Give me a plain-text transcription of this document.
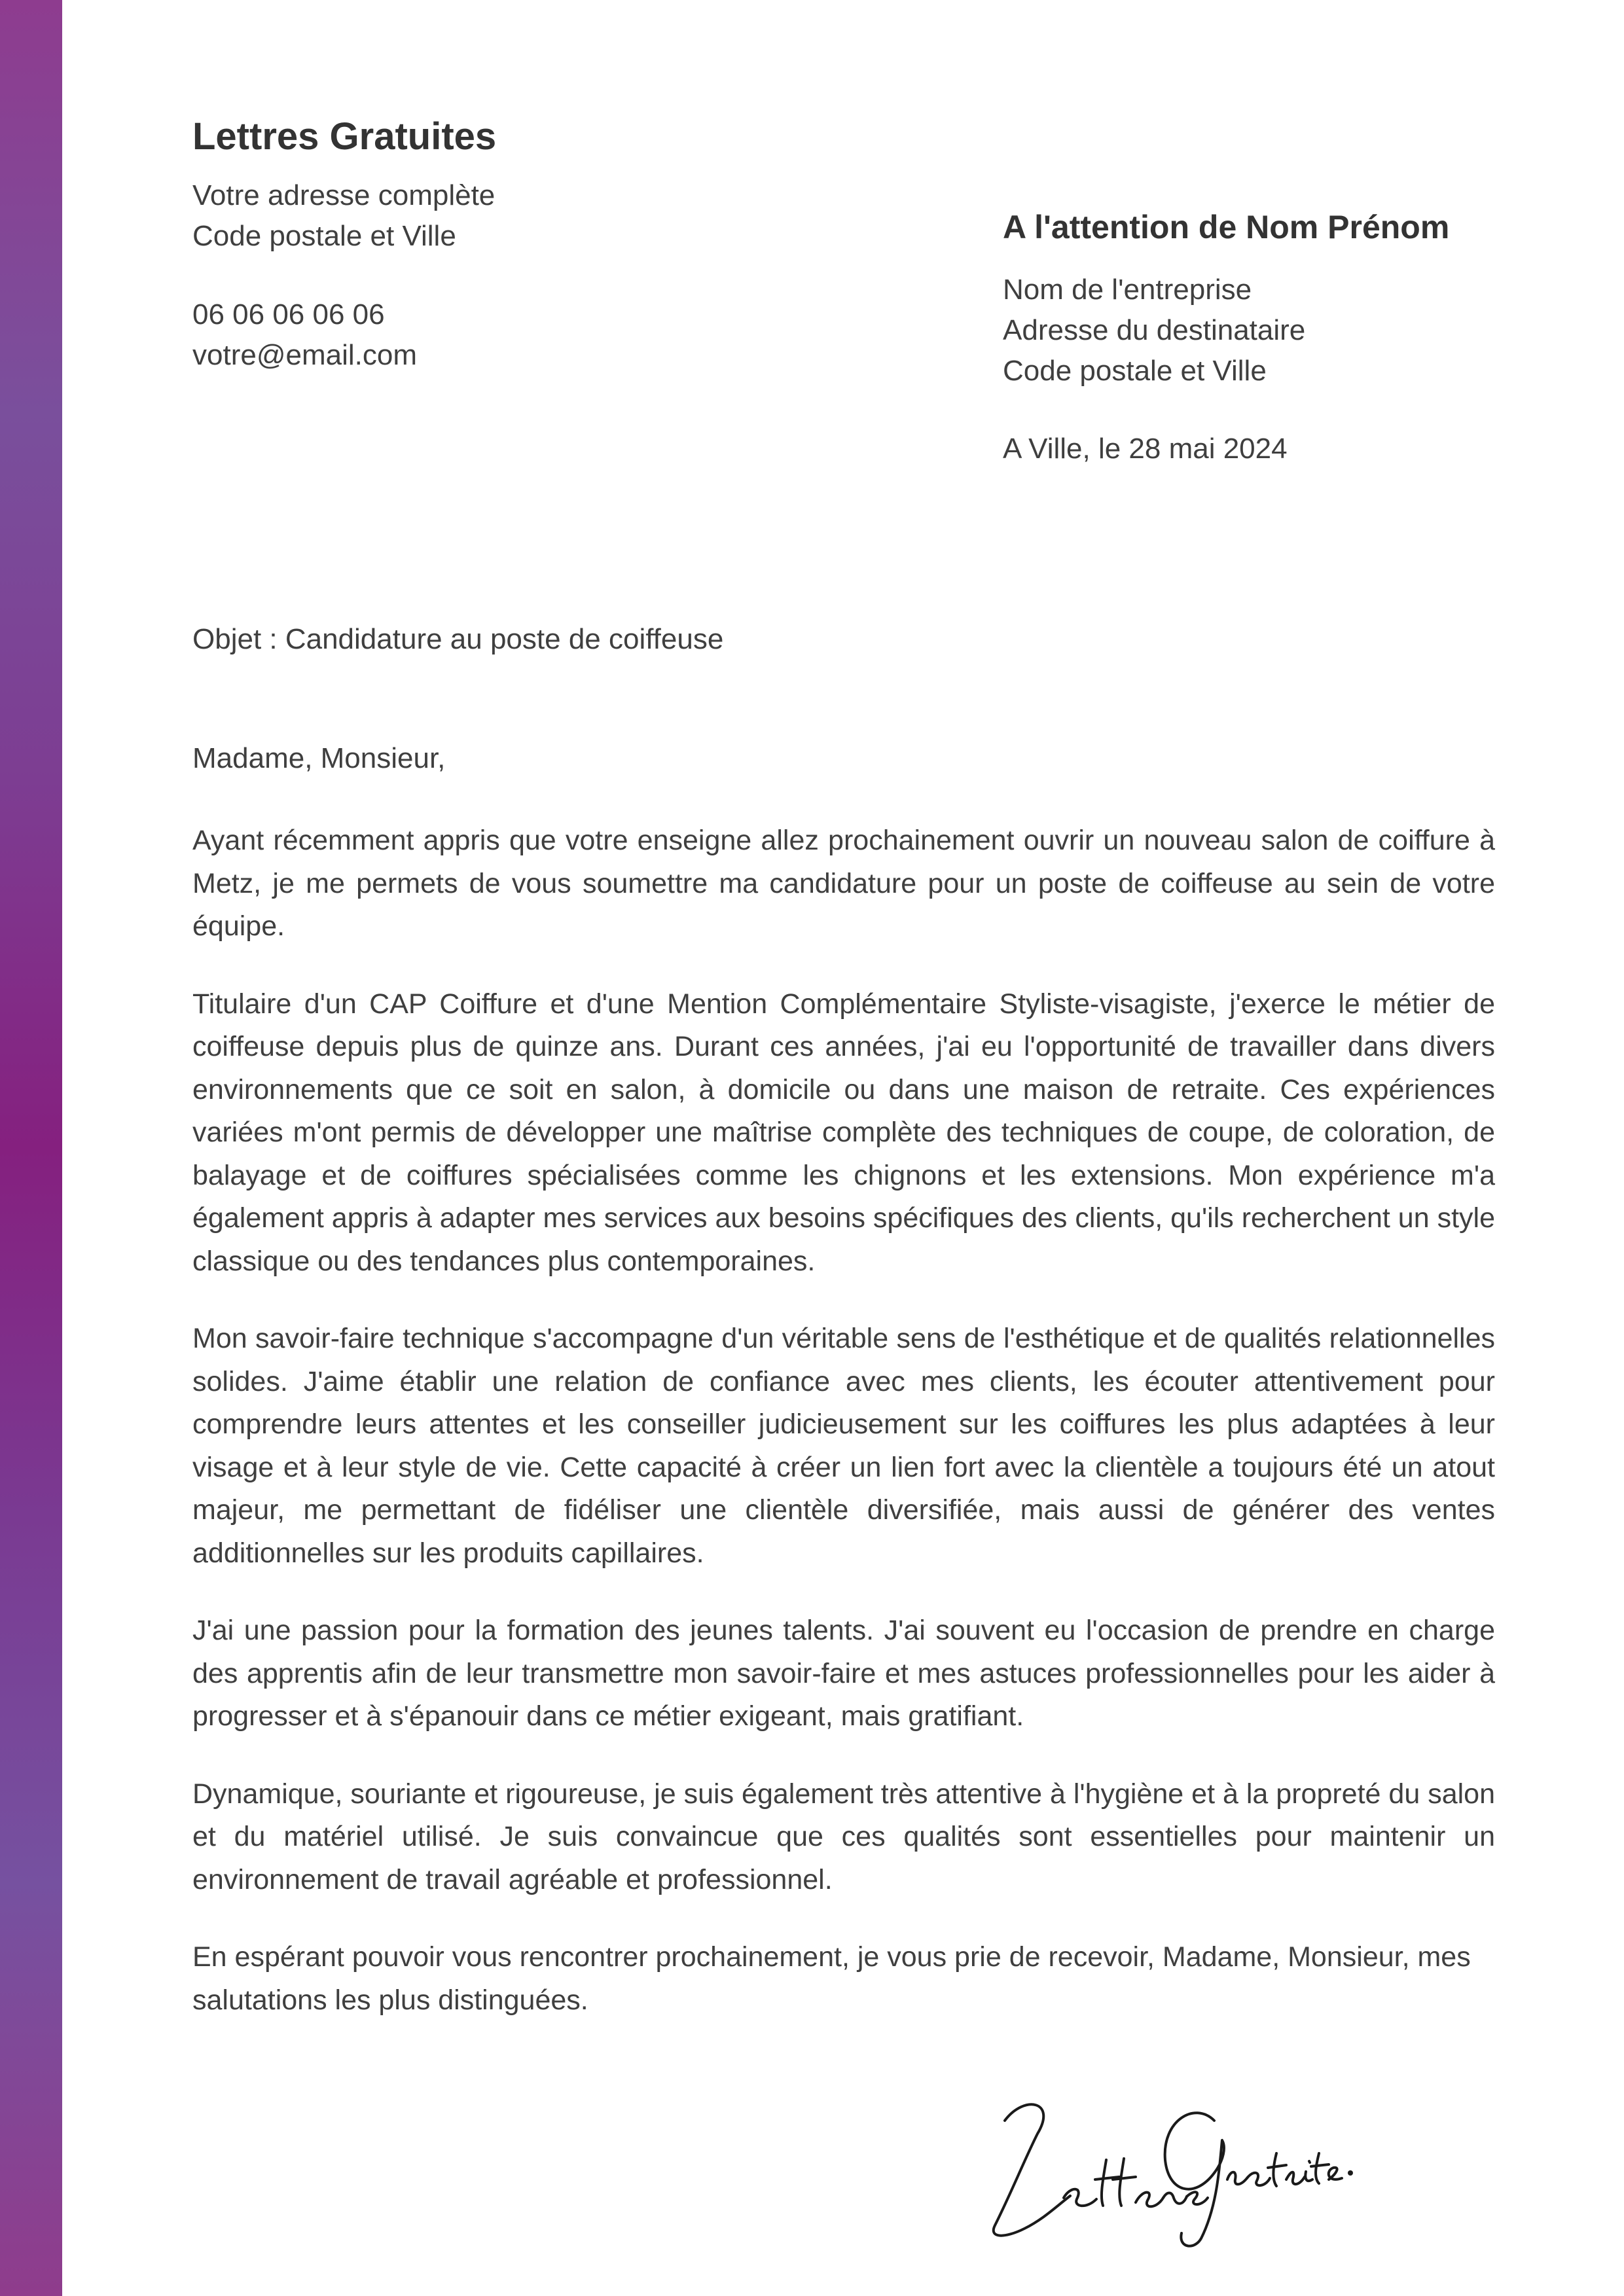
Lettres Gratuites

Votre adresse complète

Code postale et Ville

06 06 06 06 06

votre@email.com

A l'attention de Nom Prénom

Nom de l'entreprise

Adresse du destinataire

Code postale et Ville

A Ville, le 28 mai 2024
Objet : Candidature au poste de coiffeuse
Madame, Monsieur,

Ayant récemment appris que votre enseigne allez prochainement ouvrir un nouveau salon de coiffure à Metz, je me permets de vous soumettre ma candidature pour un poste de coiffeuse au sein de votre équipe.

Titulaire d'un CAP Coiffure et d'une Mention Complémentaire Styliste-visagiste, j'exerce le métier de coiffeuse depuis plus de quinze ans. Durant ces années, j'ai eu l'opportunité de travailler dans divers environnements que ce soit en salon, à domicile ou dans une maison de retraite. Ces expériences variées m'ont permis de développer une maîtrise complète des techniques de coupe, de coloration, de balayage et de coiffures spécialisées comme les chignons et les extensions. Mon expérience m'a également appris à adapter mes services aux besoins spécifiques des clients, qu'ils recherchent un style classique ou des tendances plus contemporaines.

Mon savoir-faire technique s'accompagne d'un véritable sens de l'esthétique et de qualités relationnelles solides. J'aime établir une relation de confiance avec mes clients, les écouter attentivement pour comprendre leurs attentes et les conseiller judicieusement sur les coiffures les plus adaptées à leur visage et à leur style de vie. Cette capacité à créer un lien fort avec la clientèle a toujours été un atout majeur, me permettant de fidéliser une clientèle diversifiée, mais aussi de générer des ventes additionnelles sur les produits capillaires.

J'ai une passion pour la formation des jeunes talents. J'ai souvent eu l'occasion de prendre en charge des apprentis afin de leur transmettre mon savoir-faire et mes astuces professionnelles pour les aider à progresser et à s'épanouir dans ce métier exigeant, mais gratifiant.

Dynamique, souriante et rigoureuse, je suis également très attentive à l'hygiène et à la propreté du salon et du matériel utilisé. Je suis convaincue que ces qualités sont essentielles pour maintenir un environnement de travail agréable et professionnel.

En espérant pouvoir vous rencontrer prochainement, je vous prie de recevoir, Madame, Monsieur, mes salutations les plus distinguées.
